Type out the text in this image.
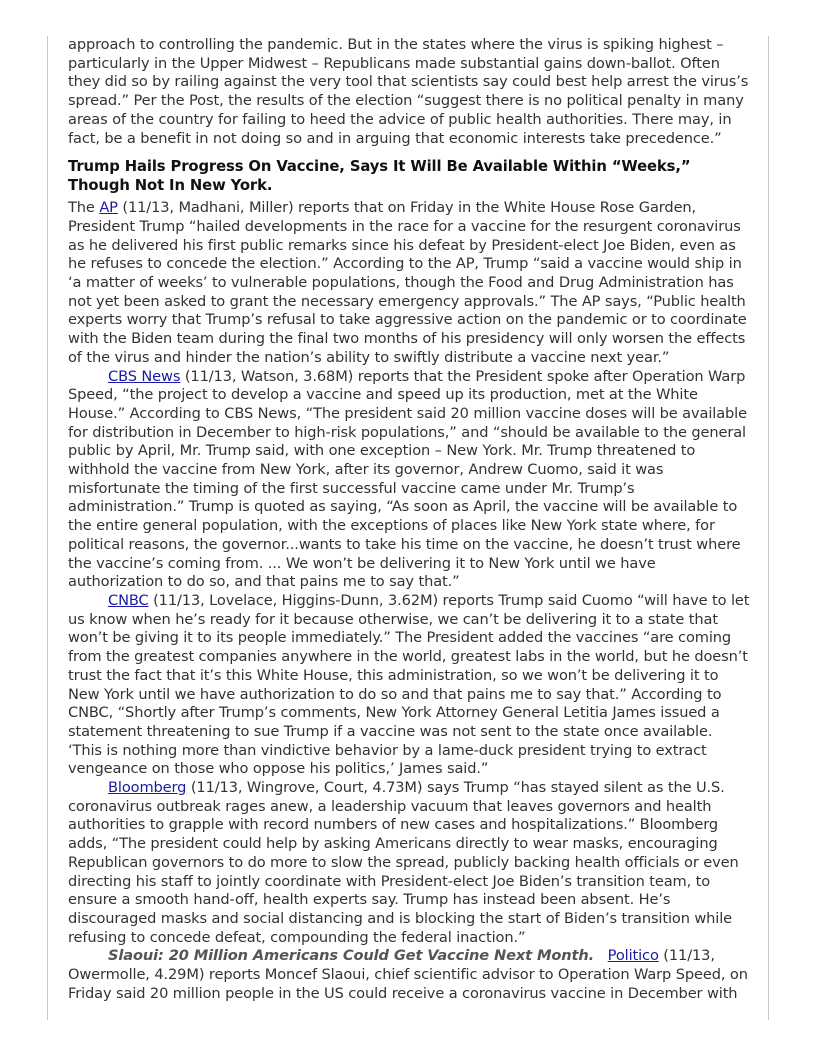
approach to controlling the pandemic. But in the states where the virus is spiking highest – particularly in the Upper Midwest – Republicans made substantial gains down-ballot. Often they did so by railing against the very tool that scientists say could best help arrest the virus’s spread.” Per the Post, the results of the election “suggest there is no political penalty in many areas of the country for failing to heed the advice of public health authorities. There may, in fact, be a benefit in not doing so and in arguing that economic interests take precedence.”

Trump Hails Progress On Vaccine, Says It Will Be Available Within “Weeks,” Though Not In New York.

The AP (11/13, Madhani, Miller) reports that on Friday in the White House Rose Garden, President Trump “hailed developments in the race for a vaccine for the resurgent coronavirus as he delivered his first public remarks since his defeat by President-elect Joe Biden, even as he refuses to concede the election.” According to the AP, Trump “said a vaccine would ship in ‘a matter of weeks’ to vulnerable populations, though the Food and Drug Administration has not yet been asked to grant the necessary emergency approvals.” The AP says, “Public health experts worry that Trump’s refusal to take aggressive action on the pandemic or to coordinate with the Biden team during the final two months of his presidency will only worsen the effects of the virus and hinder the nation’s ability to swiftly distribute a vaccine next year.”

CBS News (11/13, Watson, 3.68M) reports that the President spoke after Operation Warp Speed, “the project to develop a vaccine and speed up its production, met at the White House.” According to CBS News, “The president said 20 million vaccine doses will be available for distribution in December to high-risk populations,” and “should be available to the general public by April, Mr. Trump said, with one exception – New York. Mr. Trump threatened to withhold the vaccine from New York, after its governor, Andrew Cuomo, said it was misfortunate the timing of the first successful vaccine came under Mr. Trump’s administration.” Trump is quoted as saying, “As soon as April, the vaccine will be available to the entire general population, with the exceptions of places like New York state where, for political reasons, the governor...wants to take his time on the vaccine, he doesn’t trust where the vaccine’s coming from. ... We won’t be delivering it to New York until we have authorization to do so, and that pains me to say that.”

CNBC (11/13, Lovelace, Higgins-Dunn, 3.62M) reports Trump said Cuomo “will have to let us know when he’s ready for it because otherwise, we can’t be delivering it to a state that won’t be giving it to its people immediately.” The President added the vaccines “are coming from the greatest companies anywhere in the world, greatest labs in the world, but he doesn’t trust the fact that it’s this White House, this administration, so we won’t be delivering it to New York until we have authorization to do so and that pains me to say that.” According to CNBC, “Shortly after Trump’s comments, New York Attorney General Letitia James issued a statement threatening to sue Trump if a vaccine was not sent to the state once available. ‘This is nothing more than vindictive behavior by a lame-duck president trying to extract vengeance on those who oppose his politics,’ James said.”

Bloomberg (11/13, Wingrove, Court, 4.73M) says Trump “has stayed silent as the U.S. coronavirus outbreak rages anew, a leadership vacuum that leaves governors and health authorities to grapple with record numbers of new cases and hospitalizations.” Bloomberg adds, “The president could help by asking Americans directly to wear masks, encouraging Republican governors to do more to slow the spread, publicly backing health officials or even directing his staff to jointly coordinate with President-elect Joe Biden’s transition team, to ensure a smooth hand-off, health experts say. Trump has instead been absent. He’s discouraged masks and social distancing and is blocking the start of Biden’s transition while refusing to concede defeat, compounding the federal inaction.”

Slaoui: 20 Million Americans Could Get Vaccine Next Month. Politico (11/13, Owermolle, 4.29M) reports Moncef Slaoui, chief scientific advisor to Operation Warp Speed, on Friday said 20 million people in the US could receive a coronavirus vaccine in December with
